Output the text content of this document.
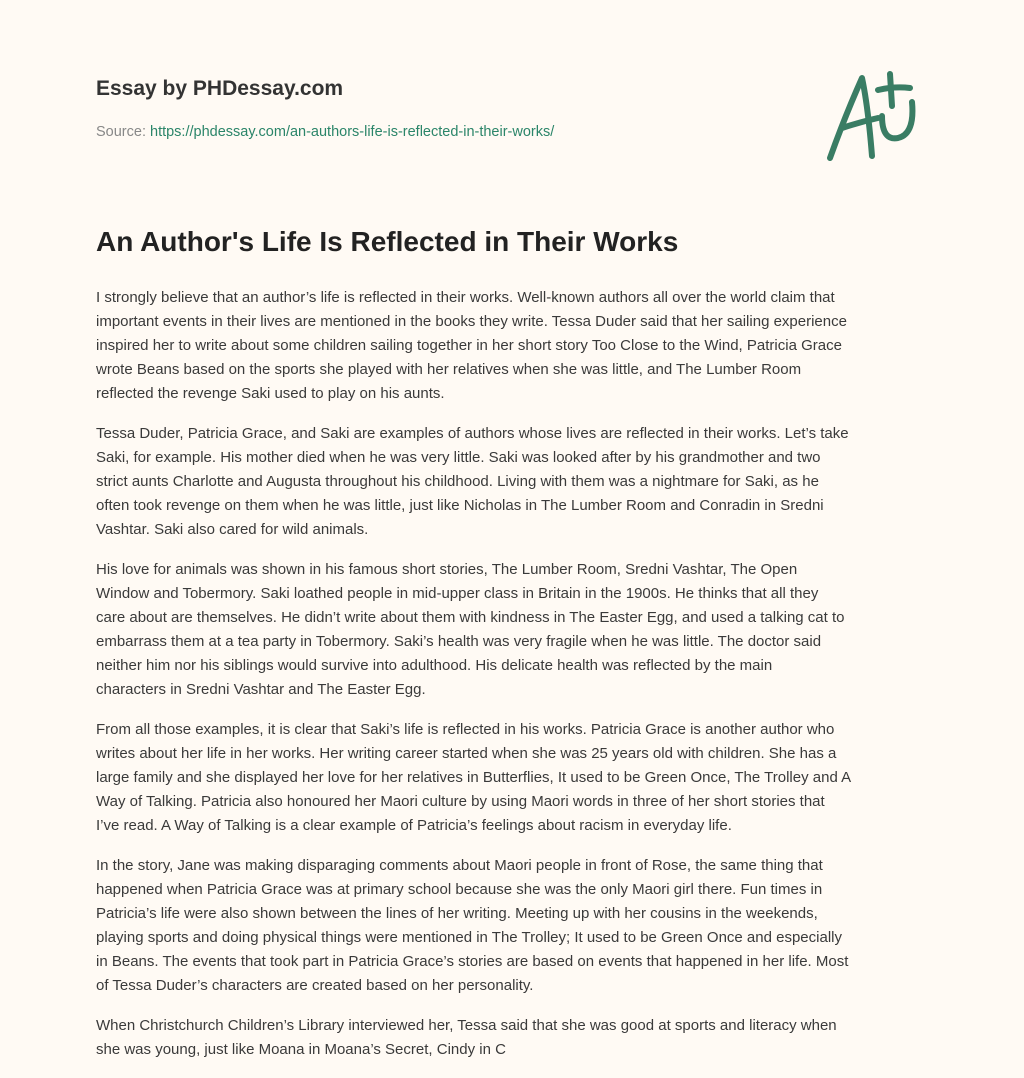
Essay by PHDessay.com
Source: https://phdessay.com/an-authors-life-is-reflected-in-their-works/
An Author's Life Is Reflected in Their Works

I strongly believe that an author’s life is reflected in their works. Well-known authors all over the world claim that
important events in their lives are mentioned in the books they write. Tessa Duder said that her sailing experience
inspired her to write about some children sailing together in her short story Too Close to the Wind, Patricia Grace
wrote Beans based on the sports she played with her relatives when she was little, and The Lumber Room
reflected the revenge Saki used to play on his aunts.

Tessa Duder, Patricia Grace, and Saki are examples of authors whose lives are reflected in their works. Let’s take
Saki, for example. His mother died when he was very little. Saki was looked after by his grandmother and two
strict aunts Charlotte and Augusta throughout his childhood. Living with them was a nightmare for Saki, as he
often took revenge on them when he was little, just like Nicholas in The Lumber Room and Conradin in Sredni
Vashtar. Saki also cared for wild animals.

His love for animals was shown in his famous short stories, The Lumber Room, Sredni Vashtar, The Open
Window and Tobermory. Saki loathed people in mid-upper class in Britain in the 1900s. He thinks that all they
care about are themselves. He didn’t write about them with kindness in The Easter Egg, and used a talking cat to
embarrass them at a tea party in Tobermory. Saki’s health was very fragile when he was little. The doctor said
neither him nor his siblings would survive into adulthood. His delicate health was reflected by the main
characters in Sredni Vashtar and The Easter Egg.

From all those examples, it is clear that Saki’s life is reflected in his works. Patricia Grace is another author who
writes about her life in her works. Her writing career started when she was 25 years old with children. She has a
large family and she displayed her love for her relatives in Butterflies, It used to be Green Once, The Trolley and A
Way of Talking. Patricia also honoured her Maori culture by using Maori words in three of her short stories that
I’ve read. A Way of Talking is a clear example of Patricia’s feelings about racism in everyday life.

In the story, Jane was making disparaging comments about Maori people in front of Rose, the same thing that
happened when Patricia Grace was at primary school because she was the only Maori girl there. Fun times in
Patricia’s life were also shown between the lines of her writing. Meeting up with her cousins in the weekends,
playing sports and doing physical things were mentioned in The Trolley; It used to be Green Once and especially
in Beans. The events that took part in Patricia Grace’s stories are based on events that happened in her life. Most
of Tessa Duder’s characters are created based on her personality.

When Christchurch Children’s Library interviewed her, Tessa said that she was good at sports and literacy when
she was young, just like Moana in Moana’s Secret, Cindy in C
